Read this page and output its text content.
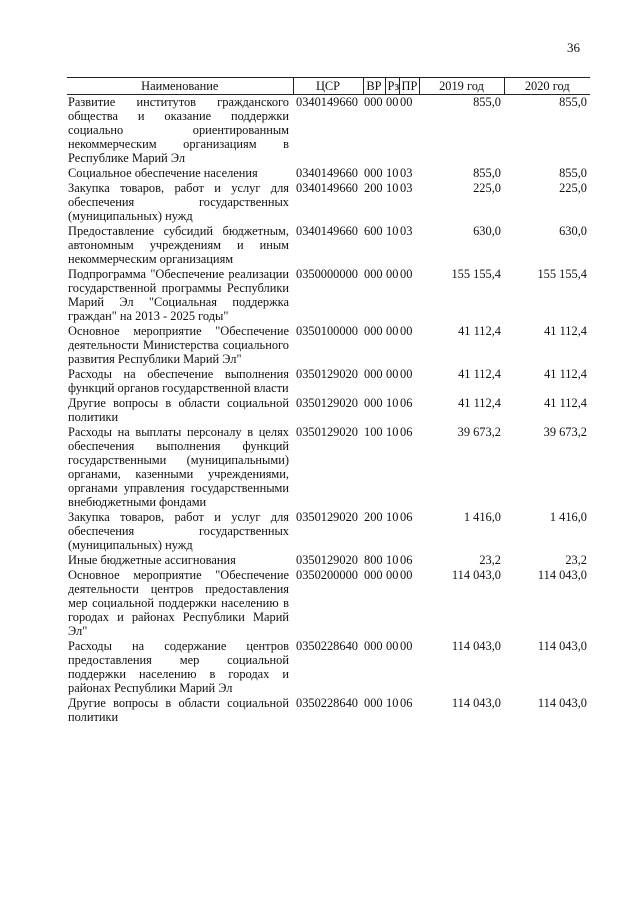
36
Наименование	ЦСР	ВР	Рз	ПР	2019 год	2020 год
Развитие институтов гражданского общества и оказание поддержки социально ориентированным некоммерческим организациям в Республике Марий Эл	0340149660	000	00	00	855,0	855,0
Социальное обеспечение населения	0340149660	000	10	03	855,0	855,0
Закупка товаров, работ и услуг для обеспечения государственных (муниципальных) нужд	0340149660	200	10	03	225,0	225,0
Предоставление субсидий бюджетным, автономным учреждениям и иным некоммерческим организациям	0340149660	600	10	03	630,0	630,0
Подпрограмма "Обеспечение реализации государственной программы Республики Марий Эл "Социальная поддержка граждан" на 2013 - 2025 годы"	0350000000	000	00	00	155 155,4	155 155,4
Основное мероприятие "Обеспечение деятельности Министерства социального развития Республики Марий Эл"	0350100000	000	00	00	41 112,4	41 112,4
Расходы на обеспечение выполнения функций органов государственной власти	0350129020	000	00	00	41 112,4	41 112,4
Другие вопросы в области социальной политики	0350129020	000	10	06	41 112,4	41 112,4
Расходы на выплаты персоналу в целях обеспечения выполнения функций государственными (муниципальными) органами, казенными учреждениями, органами управления государственными внебюджетными фондами	0350129020	100	10	06	39 673,2	39 673,2
Закупка товаров, работ и услуг для обеспечения государственных (муниципальных) нужд	0350129020	200	10	06	1 416,0	1 416,0
Иные бюджетные ассигнования	0350129020	800	10	06	23,2	23,2
Основное мероприятие "Обеспечение деятельности центров предоставления мер социальной поддержки населению в городах и районах Республики Марий Эл"	0350200000	000	00	00	114 043,0	114 043,0
Расходы на содержание центров предоставления мер социальной поддержки населению в городах и районах Республики Марий Эл	0350228640	000	00	00	114 043,0	114 043,0
Другие вопросы в области социальной политики	0350228640	000	10	06	114 043,0	114 043,0
